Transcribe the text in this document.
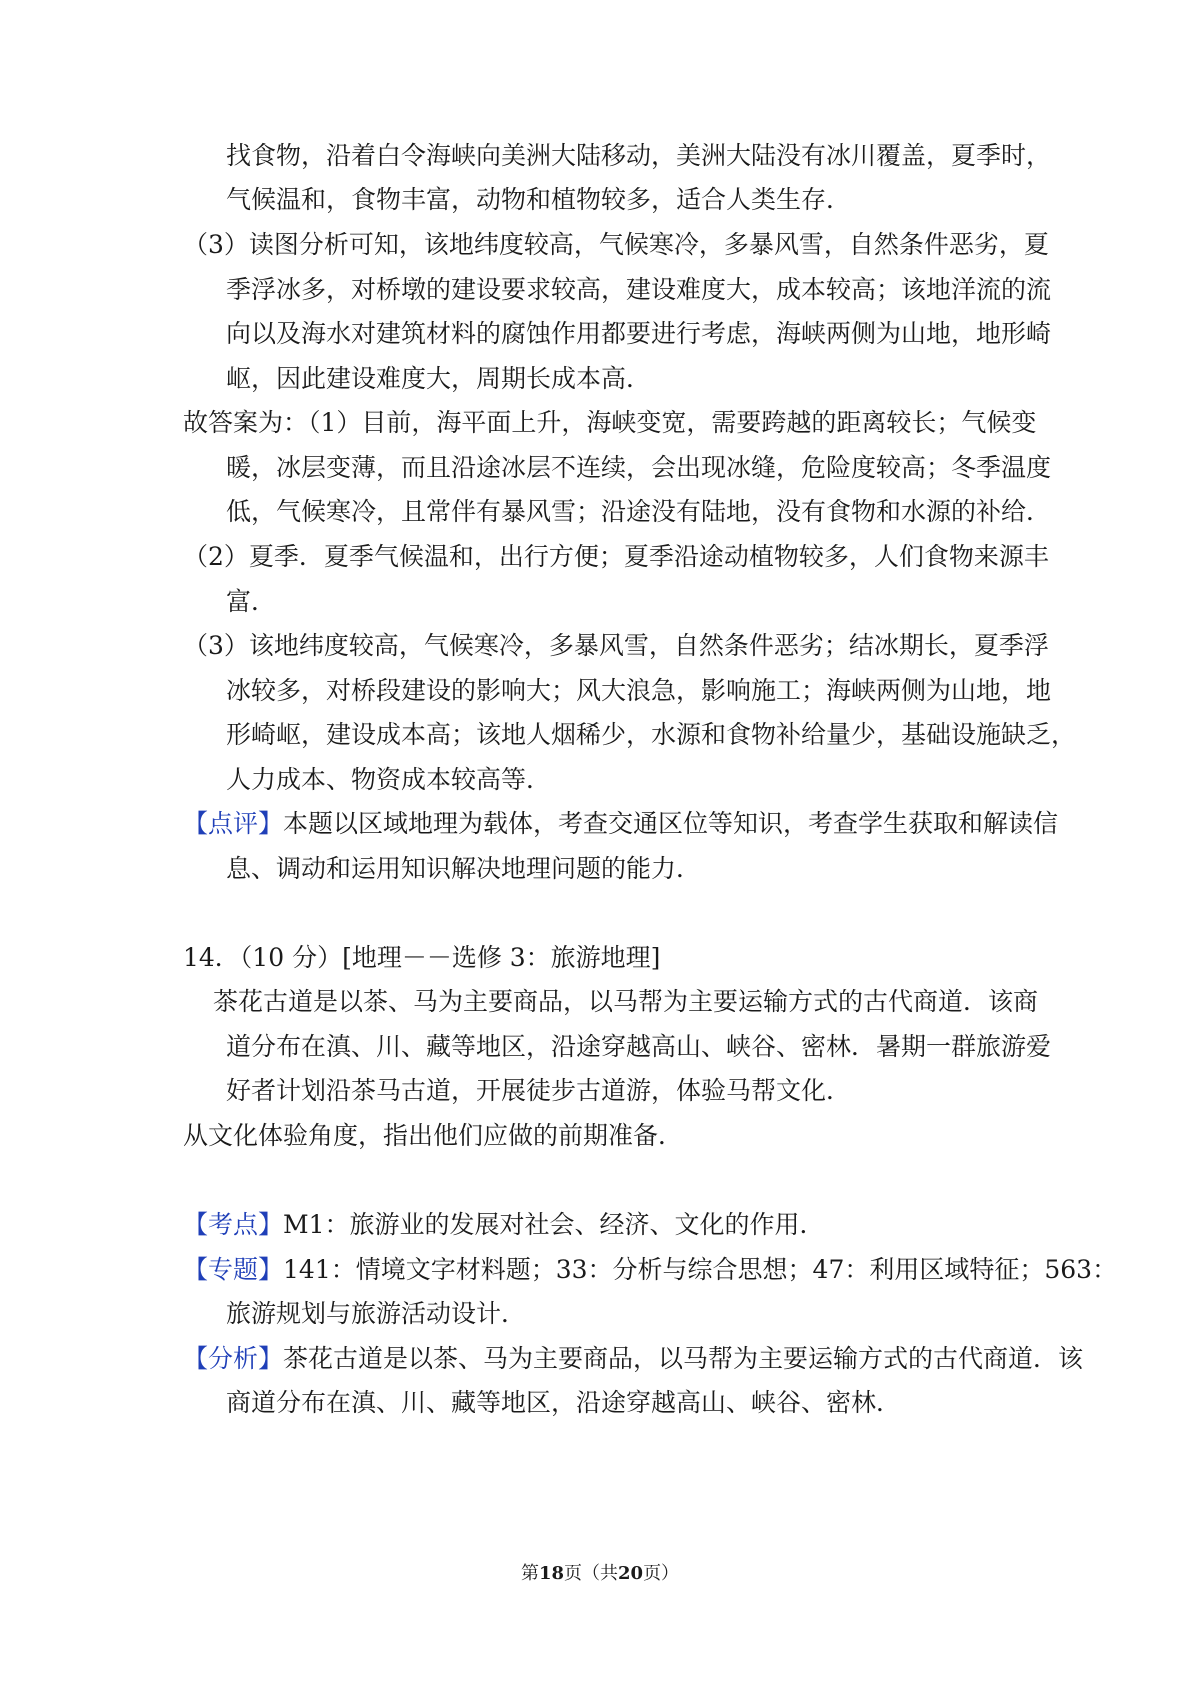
找食物，沿着白令海峡向美洲大陆移动，美洲大陆没有冰川覆盖，夏季时，
气候温和，食物丰富，动物和植物较多，适合人类生存．
（3）读图分析可知，该地纬度较高，气候寒冷，多暴风雪，自然条件恶劣，夏
季浮冰多，对桥墩的建设要求较高，建设难度大，成本较高；该地洋流的流
向以及海水对建筑材料的腐蚀作用都要进行考虑，海峡两侧为山地，地形崎
岖，因此建设难度大，周期长成本高．
故答案为：（1）目前，海平面上升，海峡变宽，需要跨越的距离较长；气候变
暖，冰层变薄，而且沿途冰层不连续，会出现冰缝，危险度较高；冬季温度
低，气候寒冷，且常伴有暴风雪；沿途没有陆地，没有食物和水源的补给．
（2）夏季．夏季气候温和，出行方便；夏季沿途动植物较多，人们食物来源丰
富．
（3）该地纬度较高，气候寒冷，多暴风雪，自然条件恶劣；结冰期长，夏季浮
冰较多，对桥段建设的影响大；风大浪急，影响施工；海峡两侧为山地，地
形崎岖，建设成本高；该地人烟稀少，水源和食物补给量少，基础设施缺乏，
人力成本、物资成本较高等．
【点评】本题以区域地理为载体，考查交通区位等知识，考查学生获取和解读信
息、调动和运用知识解决地理问题的能力．
14．（10 分）[地理－－选修 3：旅游地理]
茶花古道是以茶、马为主要商品，以马帮为主要运输方式的古代商道．该商
道分布在滇、川、藏等地区，沿途穿越高山、峡谷、密林．暑期一群旅游爱
好者计划沿茶马古道，开展徒步古道游，体验马帮文化．
从文化体验角度，指出他们应做的前期准备．
【考点】M1：旅游业的发展对社会、经济、文化的作用．
【专题】141：情境文字材料题；33：分析与综合思想；47：利用区域特征；563：
旅游规划与旅游活动设计．
【分析】茶花古道是以茶、马为主要商品，以马帮为主要运输方式的古代商道．该
商道分布在滇、川、藏等地区，沿途穿越高山、峡谷、密林．
第18页（共20页）
